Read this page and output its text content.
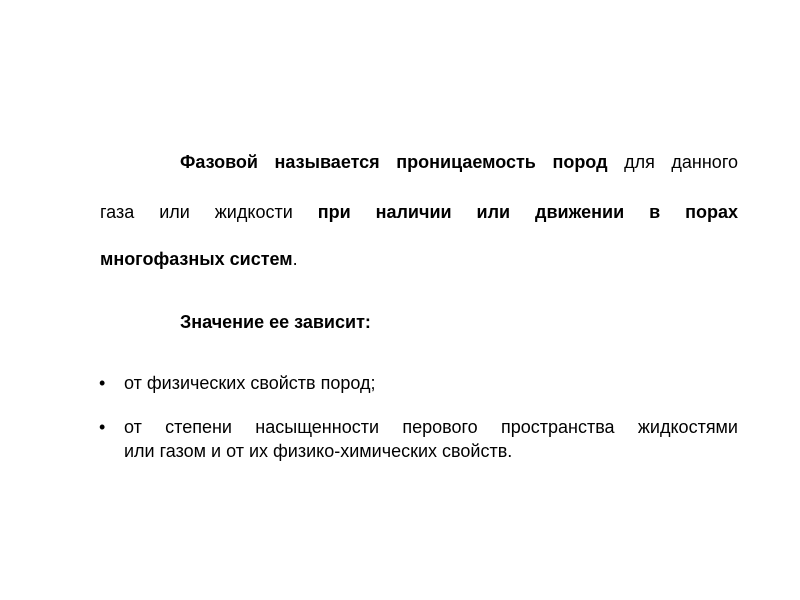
Фазовой называется проницаемость пород для данного
газа или жидкости при наличии или движении в порах
многофазных систем.
Значение ее зависит:
• от физических свойств пород;
• от степени насыщенности перового пространства жидкостями
или газом и от их физико-химических свойств.
